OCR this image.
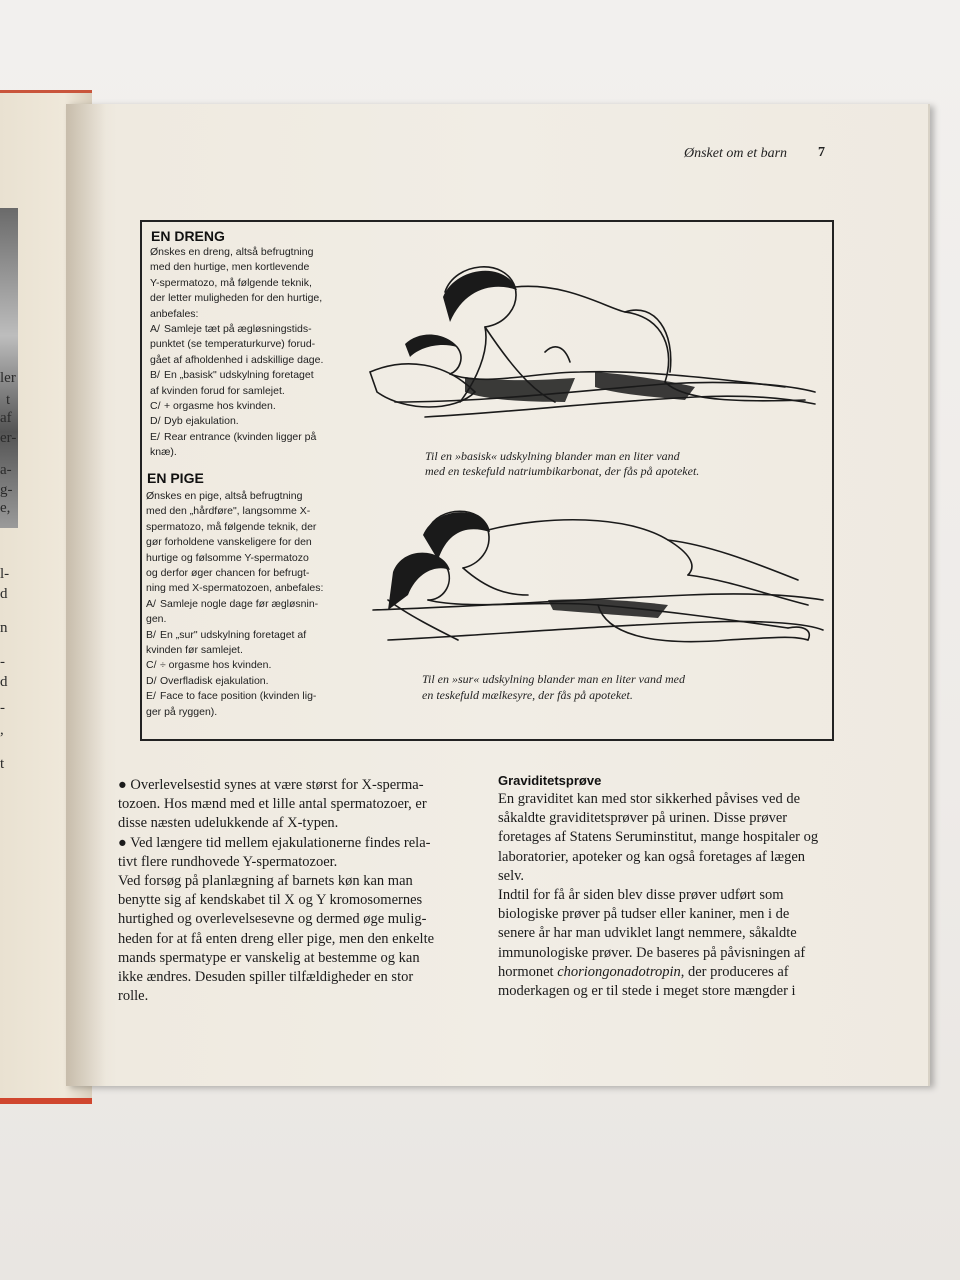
ler
t
af
er-
a-
g-
e,
l-
d
n
-
d
-
,
t
Ønsket om et barn 7
EN DRENG
Ønskes en dreng, altså befrugtning
med den hurtige, men kortlevende
Y-spermatozo, må følgende teknik,
der letter muligheden for den hurtige,
anbefales:
A/ Samleje tæt på ægløsningstids-
punktet (se temperaturkurve) forud-
gået af afholdenhed i adskillige dage.
B/ En „basisk" udskylning foretaget
af kvinden forud for samlejet.
C/ + orgasme hos kvinden.
D/ Dyb ejakulation.
E/ Rear entrance (kvinden ligger på
knæ).
EN PIGE
Ønskes en pige, altså befrugtning
med den „hårdføre", langsomme X-
spermatozo, må følgende teknik, der
gør forholdene vanskeligere for den
hurtige og følsomme Y-spermatozo
og derfor øger chancen for befrugt-
ning med X-spermatozoen, anbefales:
A/ Samleje nogle dage før ægløsnin-
gen.
B/ En „sur" udskylning foretaget af
kvinden før samlejet.
C/ ÷ orgasme hos kvinden.
D/ Overfladisk ejakulation.
E/ Face to face position (kvinden lig-
ger på ryggen).
Til en »basisk« udskylning blander man en liter vand
med en teskefuld natriumbikarbonat, der fås på apoteket.
Til en »sur« udskylning blander man en liter vand med
en teskefuld mælkesyre, der fås på apoteket.
● Overlevelsestid synes at være størst for X-sperma-
tozoen. Hos mænd med et lille antal spermatozoer, er
disse næsten udelukkende af X-typen.
● Ved længere tid mellem ejakulationerne findes rela-
tivt flere rundhovede Y-spermatozoer.
Ved forsøg på planlægning af barnets køn kan man
benytte sig af kendskabet til X og Y kromosomernes
hurtighed og overlevelsesevne og dermed øge mulig-
heden for at få enten dreng eller pige, men den enkelte
mands spermatype er vanskelig at bestemme og kan
ikke ændres. Desuden spiller tilfældigheder en stor
rolle.
Graviditetsprøve
En graviditet kan med stor sikkerhed påvises ved de
såkaldte graviditetsprøver på urinen. Disse prøver
foretages af Statens Seruminstitut, mange hospitaler og
laboratorier, apoteker og kan også foretages af lægen
selv.
Indtil for få år siden blev disse prøver udført som
biologiske prøver på tudser eller kaniner, men i de
senere år har man udviklet langt nemmere, såkaldte
immunologiske prøver. De baseres på påvisningen af
hormonet choriongonadotropin, der produceres af
moderkagen og er til stede i meget store mængder i
